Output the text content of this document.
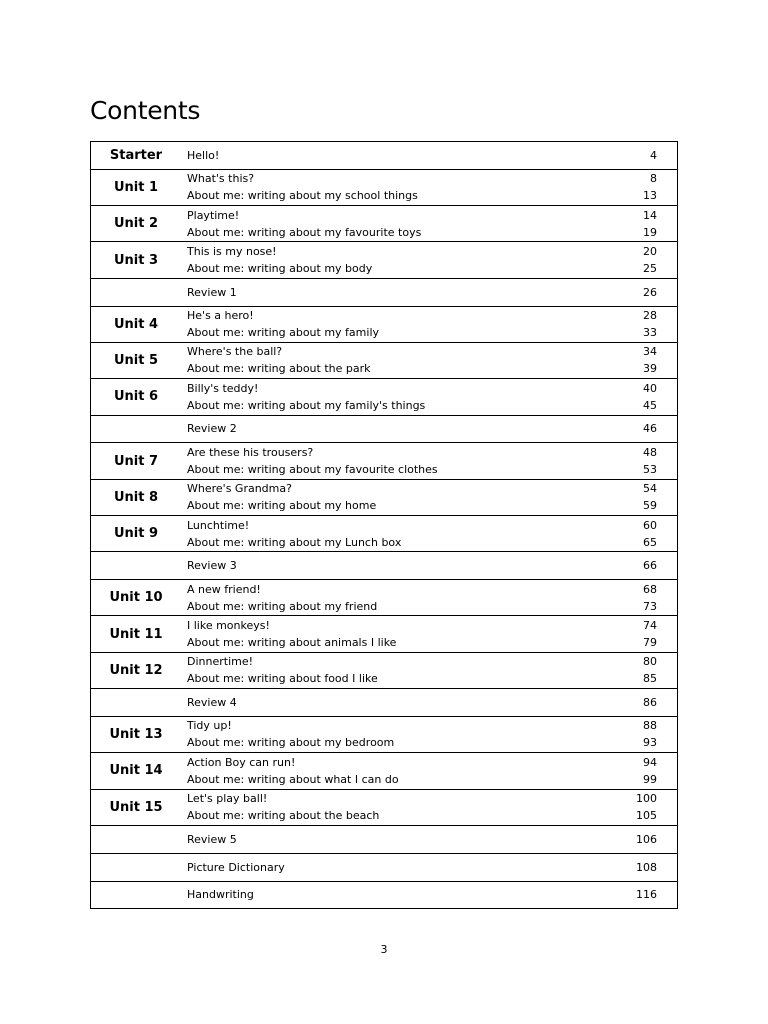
Contents
Starter	Hello!	4
Unit 1
What's this?	8
About me: writing about my school things	13
Unit 2
Playtime!	14
About me: writing about my favourite toys	19
Unit 3
This is my nose!	20
About me: writing about my body	25
Review 1	26
Unit 4
He's a hero!	28
About me: writing about my family	33
Unit 5
Where's the ball?	34
About me: writing about the park	39
Unit 6
Billy's teddy!	40
About me: writing about my family's things	45
Review 2	46
Unit 7
Are these his trousers?	48
About me: writing about my favourite clothes	53
Unit 8
Where's Grandma?	54
About me: writing about my home	59
Unit 9
Lunchtime!	60
About me: writing about my Lunch box	65
Review 3	66
Unit 10
A new friend!	68
About me: writing about my friend	73
Unit 11
I like monkeys!	74
About me: writing about animals I like	79
Unit 12
Dinnertime!	80
About me: writing about food I like	85
Review 4	86
Unit 13
Tidy up!	88
About me: writing about my bedroom	93
Unit 14
Action Boy can run!	94
About me: writing about what I can do	99
Unit 15
Let's play ball!	100
About me: writing about the beach	105
Review 5	106
Picture Dictionary	108
Handwriting	116
3
